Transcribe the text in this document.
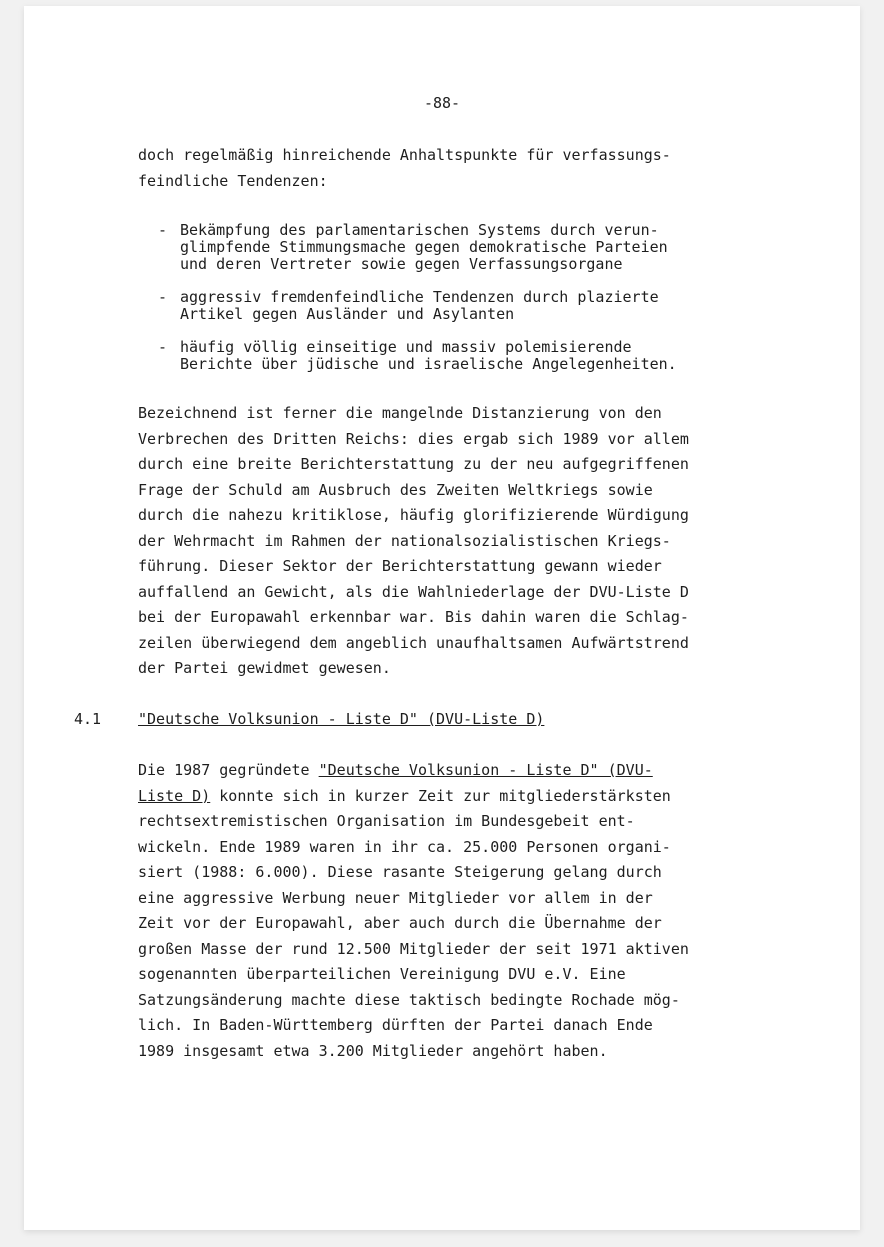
-88-
doch regelmäßig hinreichende Anhaltspunkte für verfassungs-
feindliche Tendenzen:
- Bekämpfung des parlamentarischen Systems durch verun-
glimpfende Stimmungsmache gegen demokratische Parteien
und deren Vertreter sowie gegen Verfassungsorgane
- aggressiv fremdenfeindliche Tendenzen durch plazierte
Artikel gegen Ausländer und Asylanten
- häufig völlig einseitige und massiv polemisierende
Berichte über jüdische und israelische Angelegenheiten.
Bezeichnend ist ferner die mangelnde Distanzierung von den
Verbrechen des Dritten Reichs: dies ergab sich 1989 vor allem
durch eine breite Berichterstattung zu der neu aufgegriffenen
Frage der Schuld am Ausbruch des Zweiten Weltkriegs sowie
durch die nahezu kritiklose, häufig glorifizierende Würdigung
der Wehrmacht im Rahmen der nationalsozialistischen Kriegs-
führung. Dieser Sektor der Berichterstattung gewann wieder
auffallend an Gewicht, als die Wahlniederlage der DVU-Liste D
bei der Europawahl erkennbar war. Bis dahin waren die Schlag-
zeilen überwiegend dem angeblich unaufhaltsamen Aufwärtstrend
der Partei gewidmet gewesen.
4.1	"Deutsche Volksunion - Liste D" (DVU-Liste D)
Die 1987 gegründete "Deutsche Volksunion - Liste D" (DVU-
Liste D) konnte sich in kurzer Zeit zur mitgliederstärksten
rechtsextremistischen Organisation im Bundesgebeit ent-
wickeln. Ende 1989 waren in ihr ca. 25.000 Personen organi-
siert (1988: 6.000). Diese rasante Steigerung gelang durch
eine aggressive Werbung neuer Mitglieder vor allem in der
Zeit vor der Europawahl, aber auch durch die Übernahme der
großen Masse der rund 12.500 Mitglieder der seit 1971 aktiven
sogenannten überparteilichen Vereinigung DVU e.V. Eine
Satzungsänderung machte diese taktisch bedingte Rochade mög-
lich. In Baden-Württemberg dürften der Partei danach Ende
1989 insgesamt etwa 3.200 Mitglieder angehört haben.
